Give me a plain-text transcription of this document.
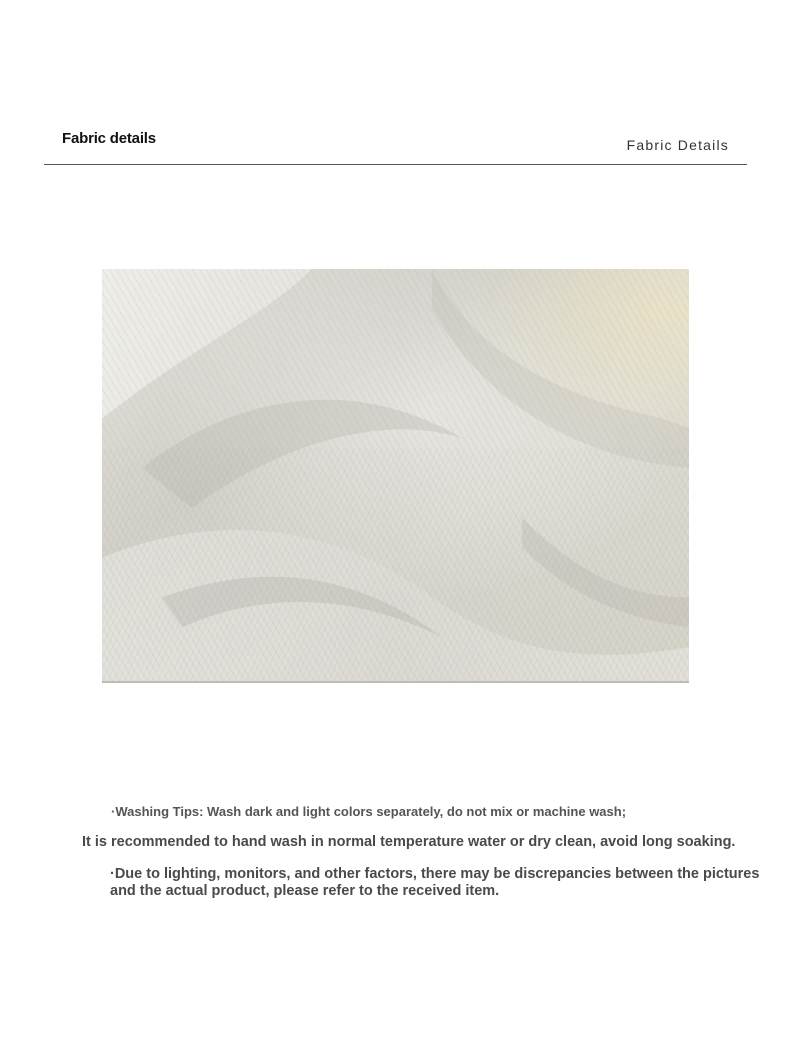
Fabric details	Fabric Details
·Washing Tips: Wash dark and light colors separately, do not mix or machine wash;
It is recommended to hand wash in normal temperature water or dry clean, avoid long soaking.
·Due to lighting, monitors, and other factors, there may be discrepancies between the pictures and the actual product, please refer to the received item.
